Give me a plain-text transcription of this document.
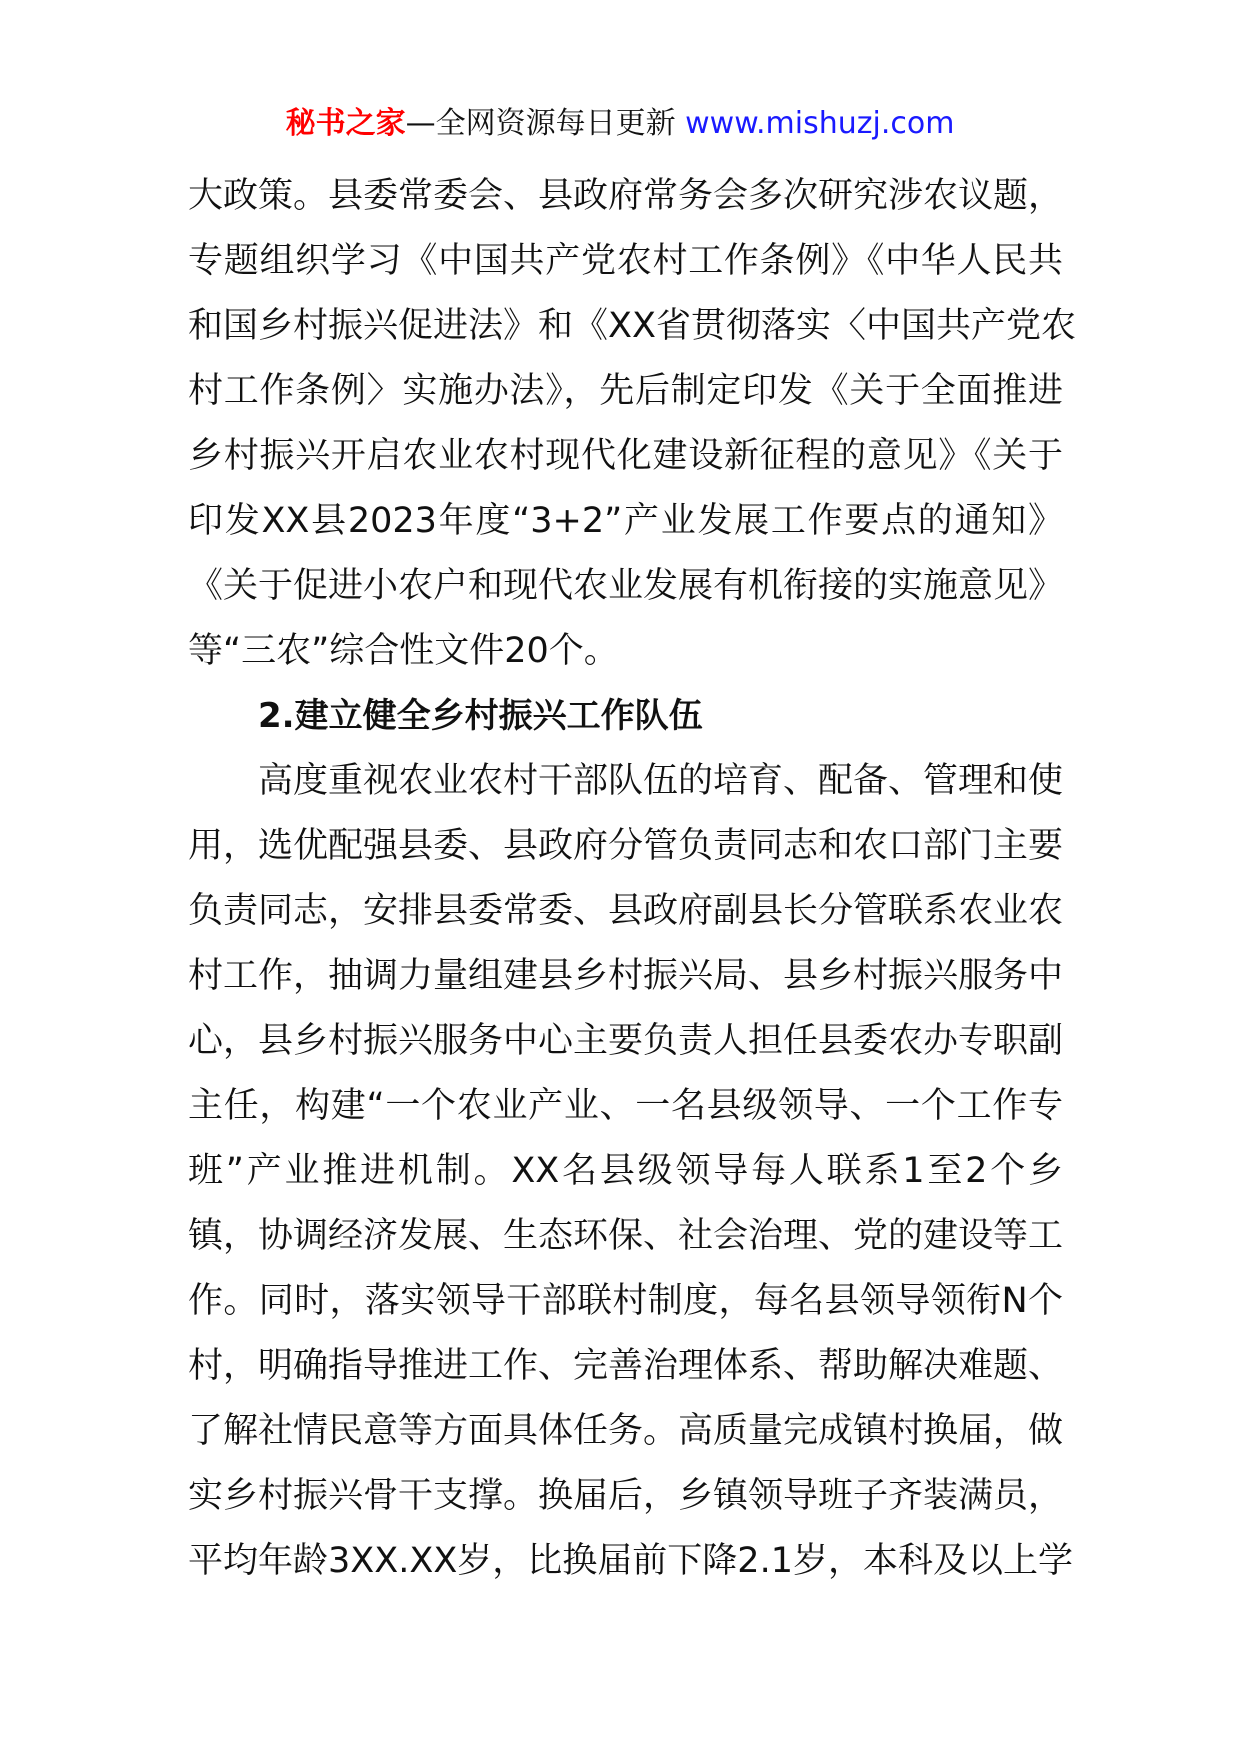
秘书之家—全网资源每日更新 www.mishuzj.com
大政策。县委常委会、县政府常务会多次研究涉农议题，
专题组织学习《中国共产党农村工作条例》《中华人民共
和国乡村振兴促进法》和《XX省贯彻落实〈中国共产党农
村工作条例〉实施办法》，先后制定印发《关于全面推进
乡村振兴开启农业农村现代化建设新征程的意见》《关于
印发XX县2023年度“3+2”产业发展工作要点的通知》
《关于促进小农户和现代农业发展有机衔接的实施意见》
等“三农”综合性文件20个。
2.建立健全乡村振兴工作队伍
高度重视农业农村干部队伍的培育、配备、管理和使
用，选优配强县委、县政府分管负责同志和农口部门主要
负责同志，安排县委常委、县政府副县长分管联系农业农
村工作，抽调力量组建县乡村振兴局、县乡村振兴服务中
心，县乡村振兴服务中心主要负责人担任县委农办专职副
主任，构建“一个农业产业、一名县级领导、一个工作专
班”产业推进机制。XX名县级领导每人联系1至2个乡
镇，协调经济发展、生态环保、社会治理、党的建设等工
作。同时，落实领导干部联村制度，每名县领导领衔N个
村，明确指导推进工作、完善治理体系、帮助解决难题、
了解社情民意等方面具体任务。高质量完成镇村换届，做
实乡村振兴骨干支撑。换届后，乡镇领导班子齐装满员，
平均年龄3XX.XX岁，比换届前下降2.1岁，本科及以上学
